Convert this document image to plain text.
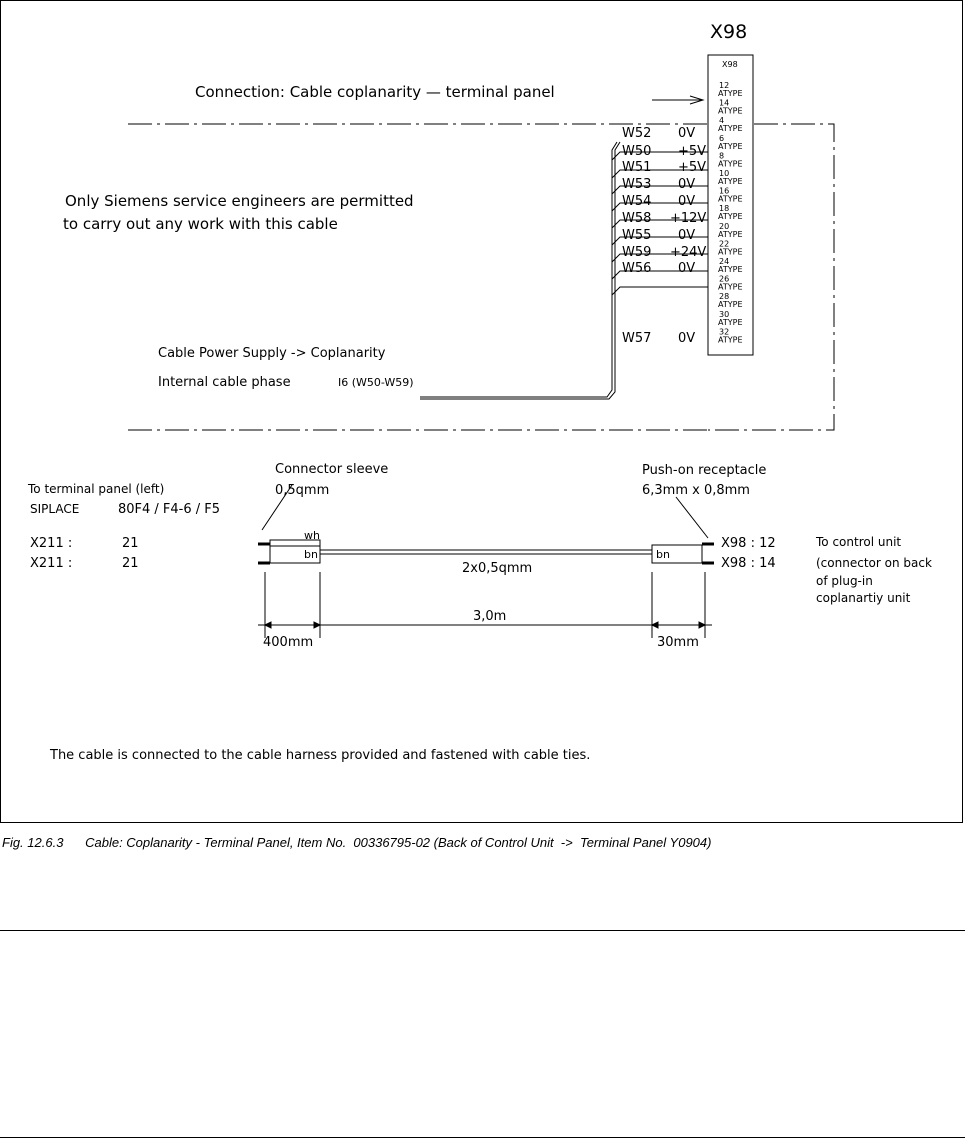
X98
X98
Connection: Cable coplanarity — terminal panel
Only Siemens service engineers are permitted
to carry out any work with this cable
12
ATYPE
14
ATYPE
4
ATYPE
6
ATYPE
8
ATYPE
10
ATYPE
16
ATYPE
18
ATYPE
20
ATYPE
22
ATYPE
24
ATYPE
26
ATYPE
28
ATYPE
30
ATYPE
32
ATYPE
W52 0V
W50 +5V
W51 +5V
W53 0V
W54 0V
W58 +12V
W55 0V
W59 +24V
W56 0V
W57 0V
Cable Power Supply -> Coplanarity
Internal cable phase	I6 (W50-W59)
Connector sleeve
0,5qmm
Push-on receptacle
6,3mm x 0,8mm
To terminal panel (left)
SIPLACE	80F4 / F4-6 / F5
X211 :	21
X211 :	21
wh
bn	bn
2x0,5qmm
X98 : 12
X98 : 14
To control unit
(connector on back
of plug-in
coplanartiy unit
3,0m
400mm	30mm
The cable is connected to the cable harness provided and fastened with cable ties.
Fig. 12.6.3      Cable: Coplanarity - Terminal Panel, Item No.  00336795-02 (Back of Control Unit  ->  Terminal Panel Y0904)
